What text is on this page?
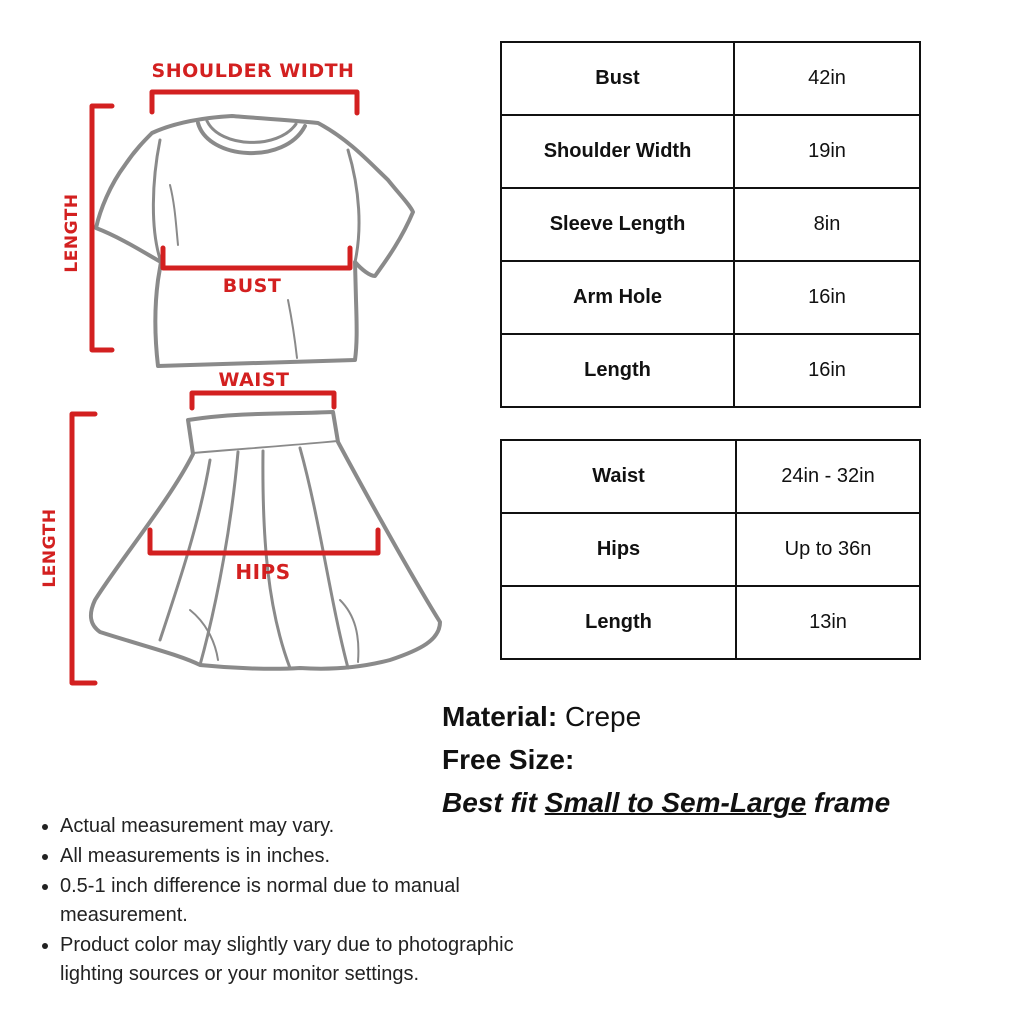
SHOULDER WIDTH
LENGTH
BUST
WAIST
LENGTH	HIPS
Bust	42in
Shoulder Width	19in
Sleeve Length	8in
Arm Hole	16in
Length	16in
Waist	24in - 32in
Hips	Up to 36n
Length	13in
Material: Crepe
Free Size:
Best fit Small to Sem-Large frame
• Actual measurement may vary.
• All measurements is in inches.
• 0.5-1 inch difference is normal due to manual measurement.
• Product color may slightly vary due to photographic lighting sources or your monitor settings.
